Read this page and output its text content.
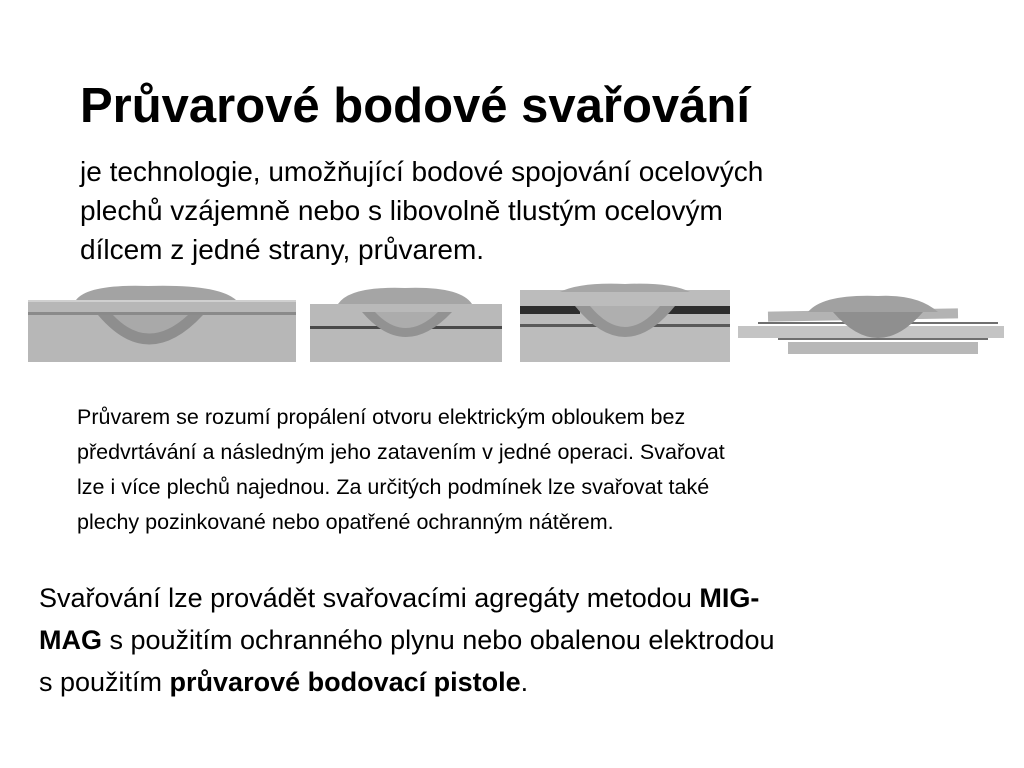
Průvarové bodové svařování

je technologie, umožňující bodové spojování ocelových
plechů vzájemně nebo s libovolně tlustým ocelovým
dílcem z jedné strany, průvarem.

Průvarem se rozumí propálení otvoru elektrickým obloukem bez
předvrtávání a následným jeho zatavením v jedné operaci. Svařovat
lze i více plechů najednou. Za určitých podmínek lze svařovat také
plechy pozinkované nebo opatřené ochranným nátěrem.

Svařování lze provádět svařovacími agregáty metodou MIG-
MAG s použitím ochranného plynu nebo obalenou elektrodou
s použitím průvarové bodovací pistole.
